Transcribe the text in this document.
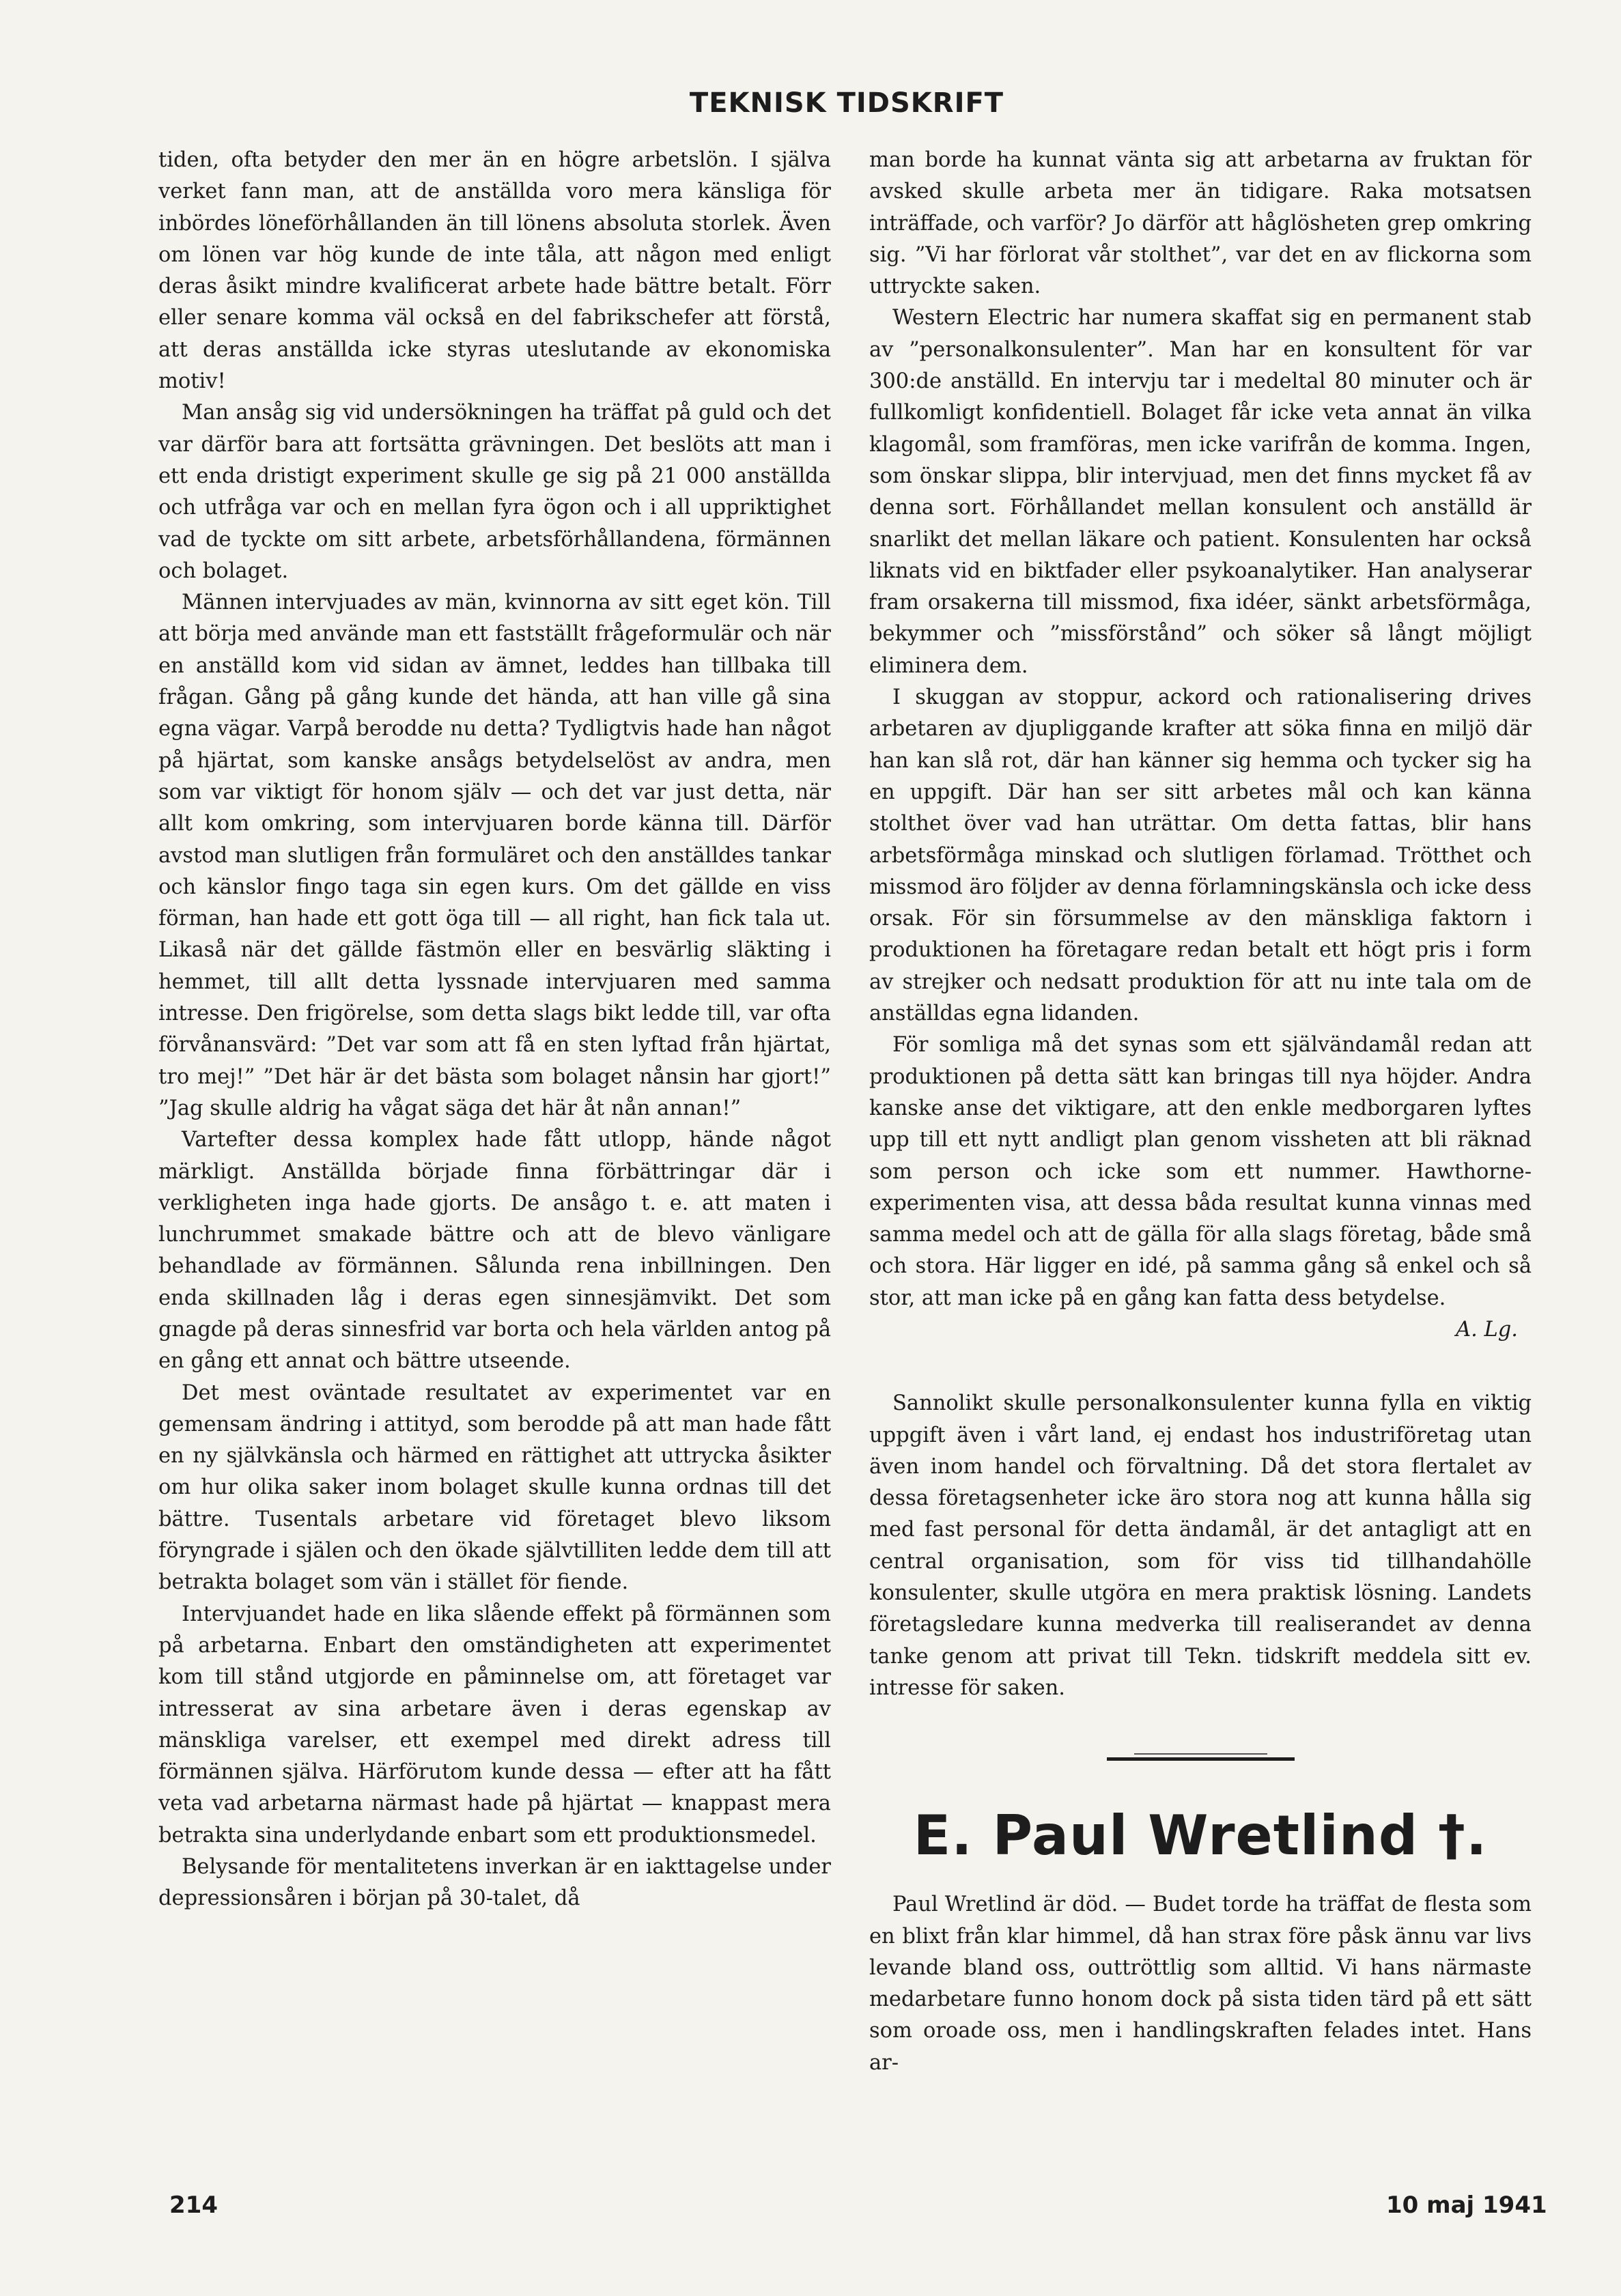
TEKNISK TIDSKRIFT

tiden, ofta betyder den mer än en högre arbetslön. I själva verket fann man, att de anställda voro mera känsliga för inbördes löneförhållanden än till lönens absoluta storlek. Även om lönen var hög kunde de inte tåla, att någon med enligt deras åsikt mindre kvalificerat arbete hade bättre betalt. Förr eller senare komma väl också en del fabrikschefer att förstå, att deras anställda icke styras uteslutande av ekonomiska motiv!

Man ansåg sig vid undersökningen ha träffat på guld och det var därför bara att fortsätta grävningen. Det beslöts att man i ett enda dristigt experiment skulle ge sig på 21 000 anställda och utfråga var och en mellan fyra ögon och i all uppriktighet vad de tyckte om sitt arbete, arbetsförhållandena, förmännen och bolaget.

Männen intervjuades av män, kvinnorna av sitt eget kön. Till att börja med använde man ett fastställt frågeformulär och när en anställd kom vid sidan av ämnet, leddes han tillbaka till frågan. Gång på gång kunde det hända, att han ville gå sina egna vägar. Varpå berodde nu detta? Tydligtvis hade han något på hjärtat, som kanske ansågs betydelselöst av andra, men som var viktigt för honom själv — och det var just detta, när allt kom omkring, som intervjuaren borde känna till. Därför avstod man slutligen från formuläret och den anställdes tankar och känslor fingo taga sin egen kurs. Om det gällde en viss förman, han hade ett gott öga till — all right, han fick tala ut. Likaså när det gällde fästmön eller en besvärlig släkting i hemmet, till allt detta lyssnade intervjuaren med samma intresse. Den frigörelse, som detta slags bikt ledde till, var ofta förvånansvärd: ”Det var som att få en sten lyftad från hjärtat, tro mej!” ”Det här är det bästa som bolaget nånsin har gjort!” ”Jag skulle aldrig ha vågat säga det här åt nån annan!”

Vartefter dessa komplex hade fått utlopp, hände något märkligt. Anställda började finna förbättringar där i verkligheten inga hade gjorts. De ansågo t. e. att maten i lunchrummet smakade bättre och att de blevo vänligare behandlade av förmännen. Sålunda rena inbillningen. Den enda skillnaden låg i deras egen sinnesjämvikt. Det som gnagde på deras sinnesfrid var borta och hela världen antog på en gång ett annat och bättre utseende.

Det mest oväntade resultatet av experimentet var en gemensam ändring i attityd, som berodde på att man hade fått en ny självkänsla och härmed en rättighet att uttrycka åsikter om hur olika saker inom bolaget skulle kunna ordnas till det bättre. Tusentals arbetare vid företaget blevo liksom föryngrade i själen och den ökade självtilliten ledde dem till att betrakta bolaget som vän i stället för fiende.

Intervjuandet hade en lika slående effekt på förmännen som på arbetarna. Enbart den omständigheten att experimentet kom till stånd utgjorde en påminnelse om, att företaget var intresserat av sina arbetare även i deras egenskap av mänskliga varelser, ett exempel med direkt adress till förmännen själva. Härförutom kunde dessa — efter att ha fått veta vad arbetarna närmast hade på hjärtat — knappast mera betrakta sina underlydande enbart som ett produktionsmedel.

Belysande för mentalitetens inverkan är en iakttagelse under depressionsåren i början på 30-talet, då

man borde ha kunnat vänta sig att arbetarna av fruktan för avsked skulle arbeta mer än tidigare. Raka motsatsen inträffade, och varför? Jo därför att håglösheten grep omkring sig. ”Vi har förlorat vår stolthet”, var det en av flickorna som uttryckte saken.

Western Electric har numera skaffat sig en permanent stab av ”personalkonsulenter”. Man har en konsultent för var 300:de anställd. En intervju tar i medeltal 80 minuter och är fullkomligt konfidentiell. Bolaget får icke veta annat än vilka klagomål, som framföras, men icke varifrån de komma. Ingen, som önskar slippa, blir intervjuad, men det finns mycket få av denna sort. Förhållandet mellan konsulent och anställd är snarlikt det mellan läkare och patient. Konsulenten har också liknats vid en biktfader eller psykoanalytiker. Han analyserar fram orsakerna till missmod, fixa idéer, sänkt arbetsförmåga, bekymmer och ”missförstånd” och söker så långt möjligt eliminera dem.

I skuggan av stoppur, ackord och rationalisering drives arbetaren av djupliggande krafter att söka finna en miljö där han kan slå rot, där han känner sig hemma och tycker sig ha en uppgift. Där han ser sitt arbetes mål och kan känna stolthet över vad han uträttar. Om detta fattas, blir hans arbetsförmåga minskad och slutligen förlamad. Trötthet och missmod äro följder av denna förlamningskänsla och icke dess orsak. För sin försummelse av den mänskliga faktorn i produktionen ha företagare redan betalt ett högt pris i form av strejker och nedsatt produktion för att nu inte tala om de anställdas egna lidanden.

För somliga må det synas som ett självändamål redan att produktionen på detta sätt kan bringas till nya höjder. Andra kanske anse det viktigare, att den enkle medborgaren lyftes upp till ett nytt andligt plan genom vissheten att bli räknad som person och icke som ett nummer. Hawthorne-experimenten visa, att dessa båda resultat kunna vinnas med samma medel och att de gälla för alla slags företag, både små och stora. Här ligger en idé, på samma gång så enkel och så stor, att man icke på en gång kan fatta dess betydelse.

A. Lg.

Sannolikt skulle personalkonsulenter kunna fylla en viktig uppgift även i vårt land, ej endast hos industriföretag utan även inom handel och förvaltning. Då det stora flertalet av dessa företagsenheter icke äro stora nog att kunna hålla sig med fast personal för detta ändamål, är det antagligt att en central organisation, som för viss tid tillhandahölle konsulenter, skulle utgöra en mera praktisk lösning. Landets företagsledare kunna medverka till realiserandet av denna tanke genom att privat till Tekn. tidskrift meddela sitt ev. intresse för saken.

E. Paul Wretlind †.

Paul Wretlind är död. — Budet torde ha träffat de flesta som en blixt från klar himmel, då han strax före påsk ännu var livs levande bland oss, outtröttlig som alltid. Vi hans närmaste medarbetare funno honom dock på sista tiden tärd på ett sätt som oroade oss, men i handlingskraften felades intet. Hans ar-

214	10 maj 1941
